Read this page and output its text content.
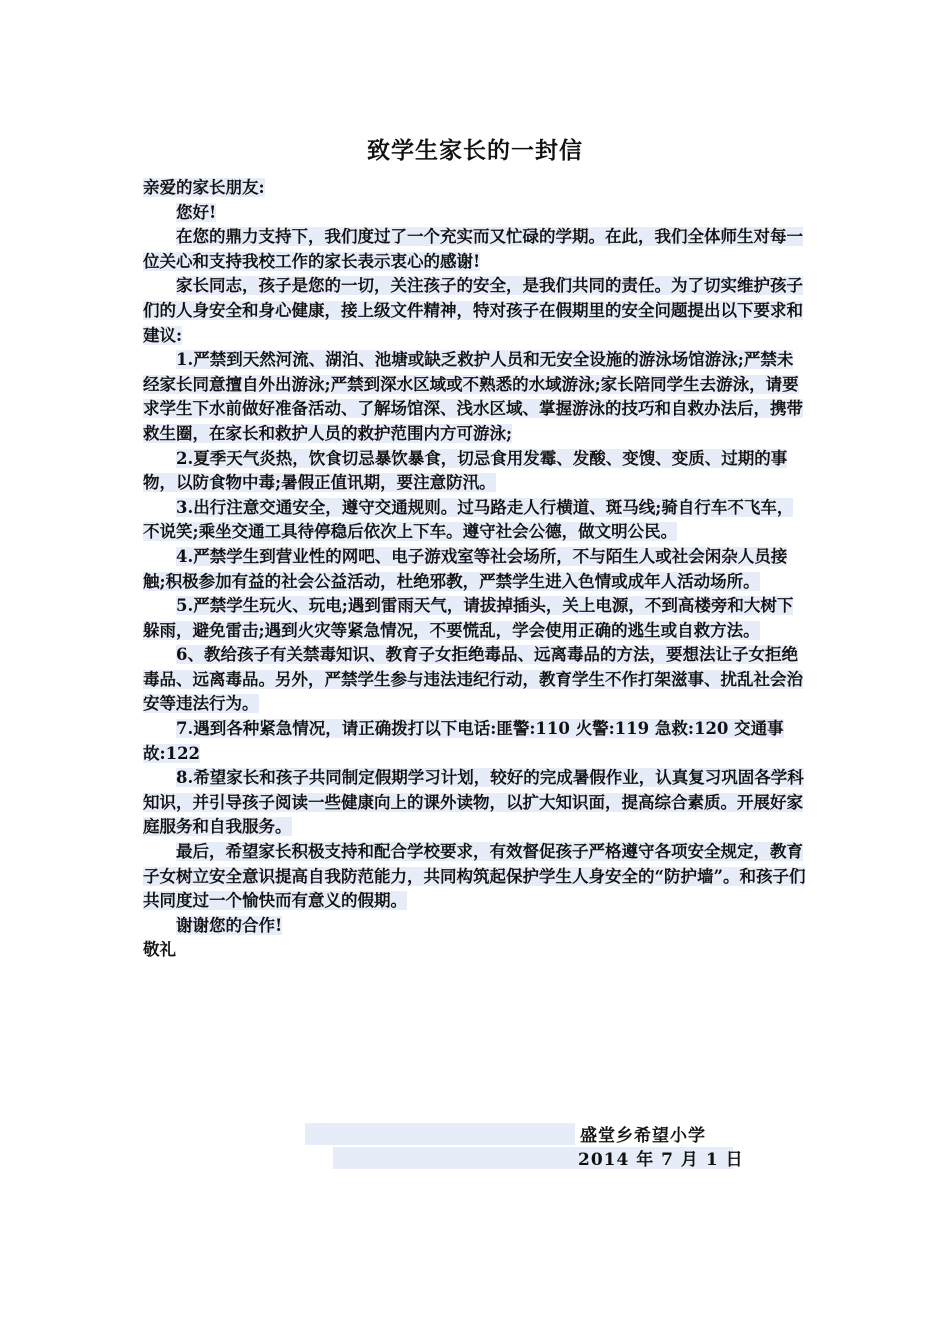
致学生家长的一封信

亲爱的家长朋友:

您好!

在您的鼎力支持下，我们度过了一个充实而又忙碌的学期。在此，我们全体师生对每一位关心和支持我校工作的家长表示衷心的感谢!

家长同志，孩子是您的一切，关注孩子的安全，是我们共同的责任。为了切实维护孩子们的人身安全和身心健康，接上级文件精神，特对孩子在假期里的安全问题提出以下要求和建议:

1.严禁到天然河流、湖泊、池塘或缺乏救护人员和无安全设施的游泳场馆游泳;严禁未经家长同意擅自外出游泳;严禁到深水区域或不熟悉的水域游泳;家长陪同学生去游泳，请要求学生下水前做好准备活动、了解场馆深、浅水区域、掌握游泳的技巧和自救办法后，携带救生圈，在家长和救护人员的救护范围内方可游泳;

2.夏季天气炎热，饮食切忌暴饮暴食，切忌食用发霉、发酸、变馊、变质、过期的事物，以防食物中毒;暑假正值讯期，要注意防汛。

3.出行注意交通安全，遵守交通规则。过马路走人行横道、斑马线;骑自行车不飞车，不说笑;乘坐交通工具待停稳后依次上下车。遵守社会公德，做文明公民。

4.严禁学生到营业性的网吧、电子游戏室等社会场所，不与陌生人或社会闲杂人员接触;积极参加有益的社会公益活动，杜绝邪教，严禁学生进入色情或成年人活动场所。

5.严禁学生玩火、玩电;遇到雷雨天气，请拔掉插头，关上电源，不到高楼旁和大树下躲雨，避免雷击;遇到火灾等紧急情况，不要慌乱，学会使用正确的逃生或自救方法。

6、教给孩子有关禁毒知识、教育子女拒绝毒品、远离毒品的方法，要想法让子女拒绝毒品、远离毒品。另外，严禁学生参与违法违纪行动，教育学生不作打架滋事、扰乱社会治安等违法行为。

7.遇到各种紧急情况，请正确拨打以下电话:匪警:110 火警:119 急救:120 交通事故:122

8.希望家长和孩子共同制定假期学习计划，较好的完成暑假作业，认真复习巩固各学科知识，并引导孩子阅读一些健康向上的课外读物，以扩大知识面，提高综合素质。开展好家庭服务和自我服务。

最后，希望家长积极支持和配合学校要求，有效督促孩子严格遵守各项安全规定，教育子女树立安全意识提高自我防范能力，共同构筑起保护学生人身安全的“防护墙”。和孩子们共同度过一个愉快而有意义的假期。

谢谢您的合作!

敬礼

盛堂乡希望小学
2014 年 7 月 1 日
